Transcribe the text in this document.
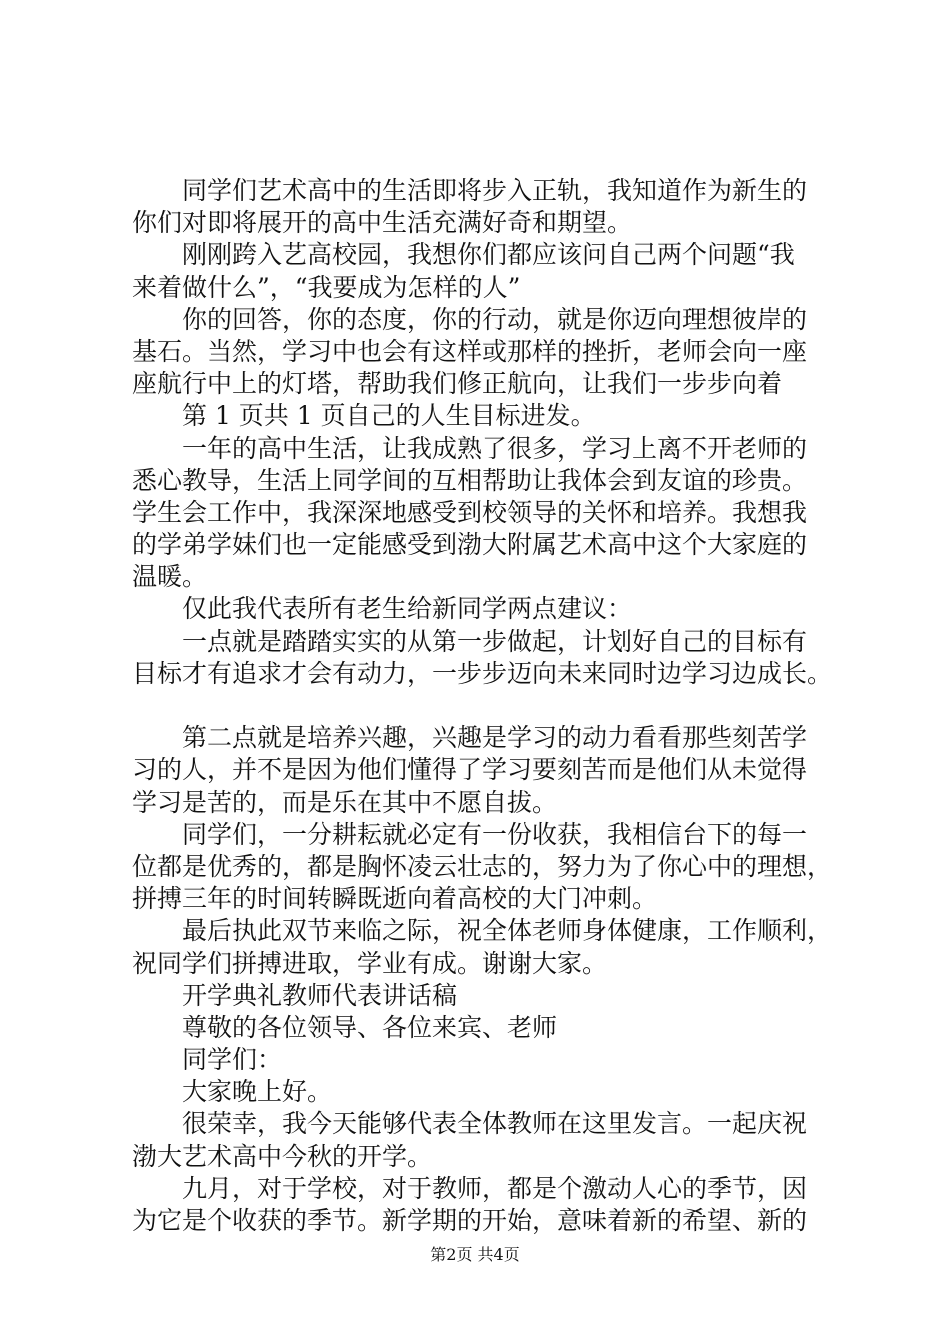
同学们艺术高中的生活即将步入正轨，我知道作为新生的
你们对即将展开的高中生活充满好奇和期望。
刚刚跨入艺高校园，我想你们都应该问自己两个问题“我
来着做什么”，“我要成为怎样的人”
你的回答，你的态度，你的行动，就是你迈向理想彼岸的
基石。当然，学习中也会有这样或那样的挫折，老师会向一座
座航行中上的灯塔，帮助我们修正航向，让我们一步步向着
第 1 页共 1 页自己的人生目标进发。
一年的高中生活，让我成熟了很多，学习上离不开老师的
悉心教导，生活上同学间的互相帮助让我体会到友谊的珍贵。
学生会工作中，我深深地感受到校领导的关怀和培养。我想我
的学弟学妹们也一定能感受到渤大附属艺术高中这个大家庭的
温暖。
仅此我代表所有老生给新同学两点建议：
一点就是踏踏实实的从第一步做起，计划好自己的目标有
目标才有追求才会有动力，一步步迈向未来同时边学习边成长。
第二点就是培养兴趣，兴趣是学习的动力看看那些刻苦学
习的人，并不是因为他们懂得了学习要刻苦而是他们从未觉得
学习是苦的，而是乐在其中不愿自拔。
同学们，一分耕耘就必定有一份收获，我相信台下的每一
位都是优秀的，都是胸怀凌云壮志的，努力为了你心中的理想，
拼搏三年的时间转瞬既逝向着高校的大门冲刺。
最后执此双节来临之际，祝全体老师身体健康，工作顺利，
祝同学们拼搏进取，学业有成。谢谢大家。
开学典礼教师代表讲话稿
尊敬的各位领导、各位来宾、老师
同学们：
大家晚上好。
很荣幸，我今天能够代表全体教师在这里发言。一起庆祝
渤大艺术高中今秋的开学。
九月，对于学校，对于教师，都是个激动人心的季节，因
为它是个收获的季节。新学期的开始，意味着新的希望、新的
第2页 共4页
